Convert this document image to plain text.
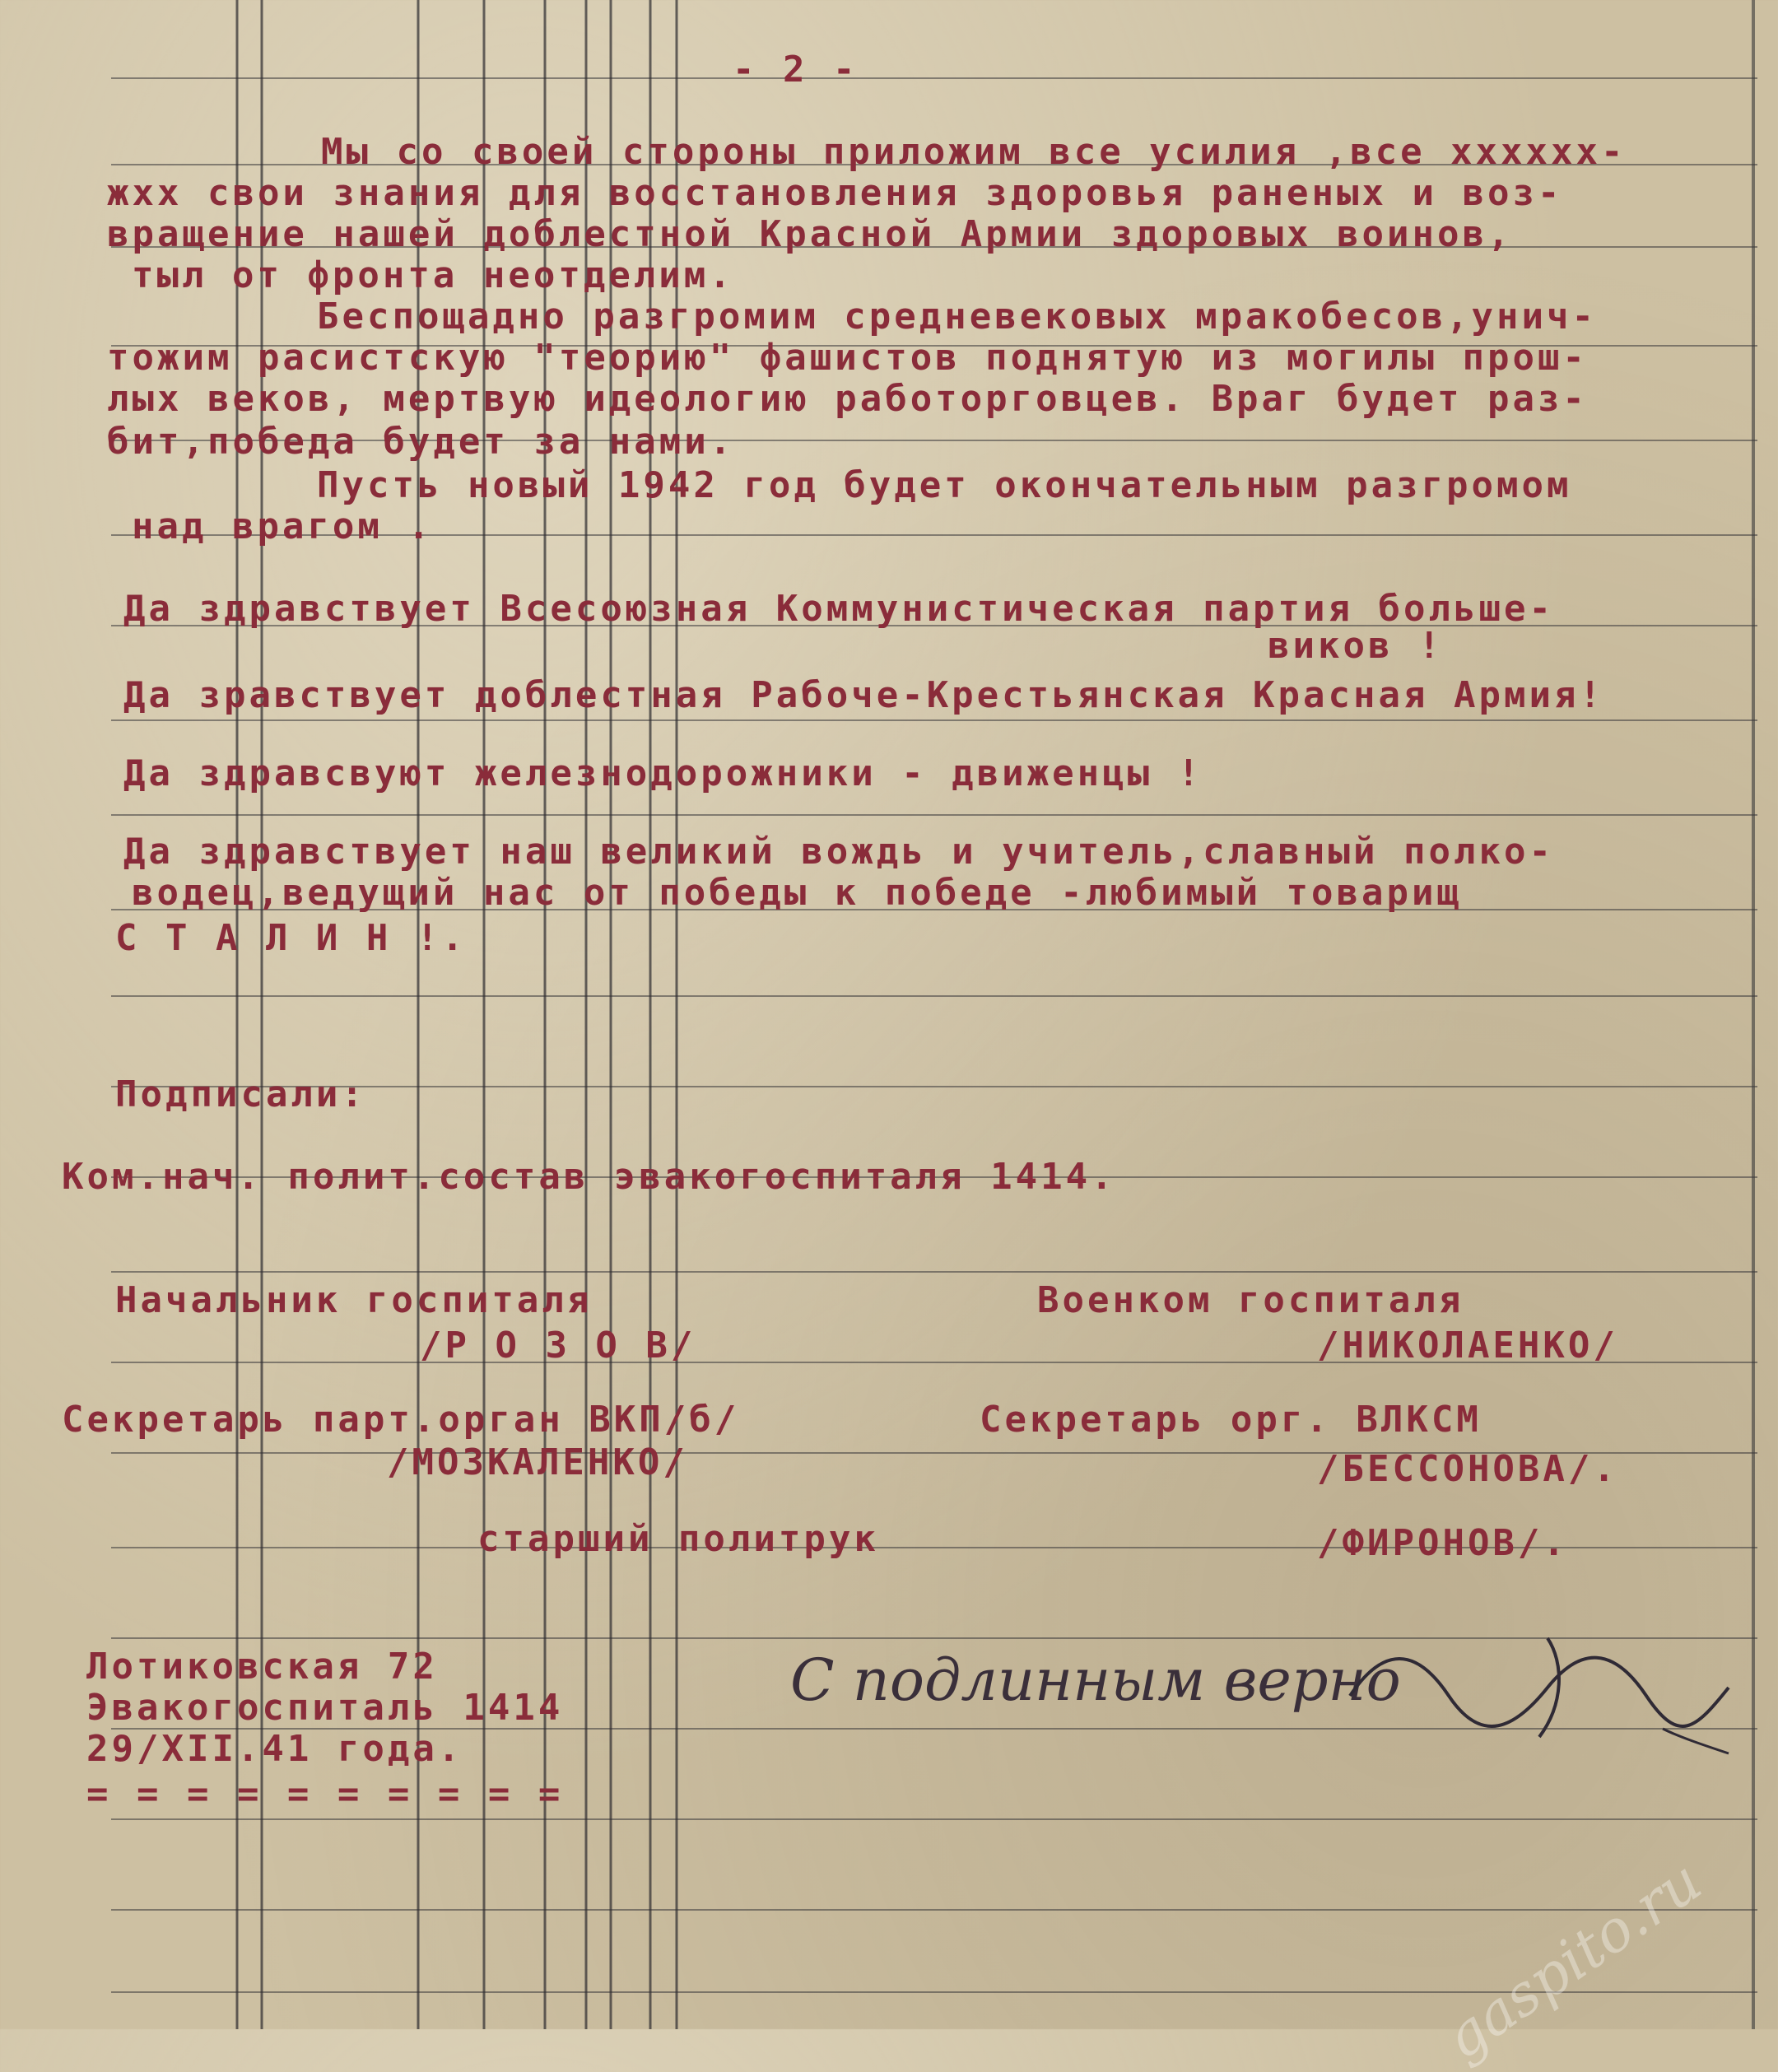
- 2 -
Мы со своей стороны приложим все усилия ,все хххххх-
жхх свои знания для восстановления здоровья раненых и воз-
вращение нашей доблестной Красной Армии здоровых воинов,
тыл от фронта неотделим.
Беспощадно разгромим средневековых мракобесов,унич-
тожим расистскую "теорию" фашистов поднятую из могилы прош-
лых веков, мертвую идеологию работорговцев. Враг будет раз-
бит,победа будет за нами.
Пусть новый 1942 год будет окончательным разгромом
над врагом .
Да здравствует Всесоюзная Коммунистическая партия больше-
виков !
Да зравствует доблестная Рабоче-Крестьянская Красная Армия!
Да здравсвуют железнодорожники - движенцы !
Да здравствует наш великий вождь и учитель,славный полко-
водец,ведущий нас от победы к победе -любимый товарищ
С Т А Л И Н !.
Подписали:
Ком.нач. полит.состав эвакогоспиталя 1414.
Начальник госпиталя
/Р О З О В/
Секретарь парт.орган ВКП/б/
/МОЗКАЛЕНКО/
старший политрук
Военком госпиталя
/НИКОЛАЕНКО/
Секретарь орг. ВЛКСМ
/БЕССОНОВА/.
/ФИРОНОВ/.
Лотиковская 72
Эвакогоспиталь 1414
29/XII.41 года.
= = = = = = = = = =
С подлинным верно
gaspito.ru
